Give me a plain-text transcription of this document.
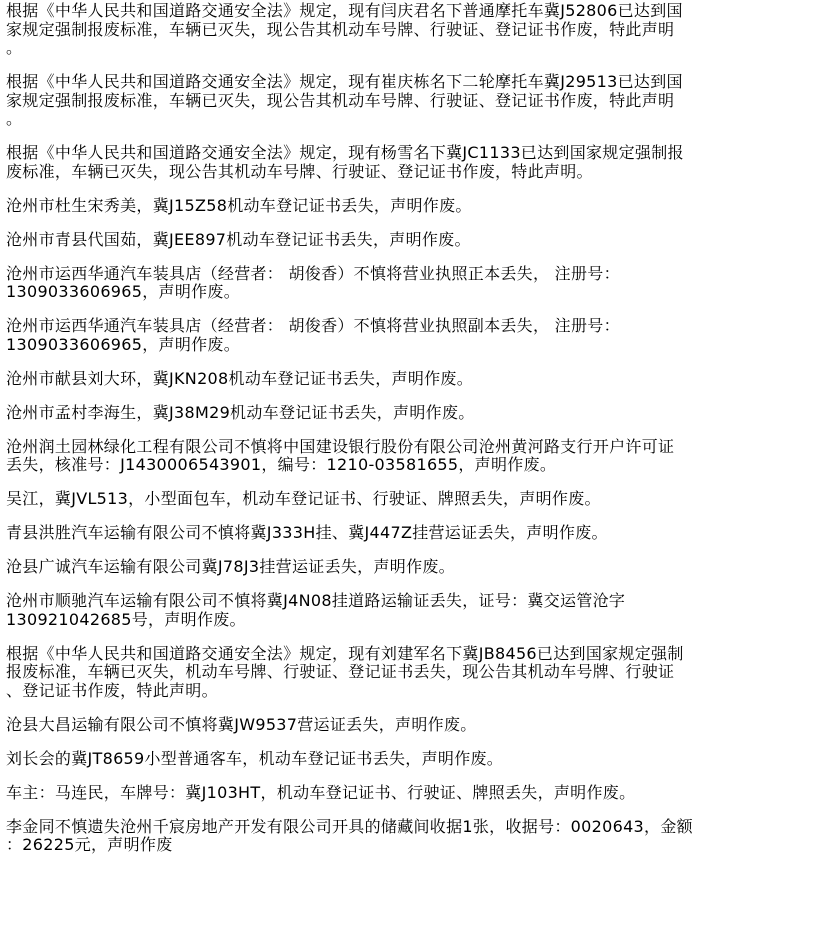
根据《中华人民共和国道路交通安全法》规定，现有闫庆君名下普通摩托车冀J52806已达到国
家规定强制报废标准，车辆已灭失，现公告其机动车号牌、行驶证、登记证书作废，特此声明
。

根据《中华人民共和国道路交通安全法》规定，现有崔庆栋名下二轮摩托车冀J29513已达到国
家规定强制报废标准，车辆已灭失，现公告其机动车号牌、行驶证、登记证书作废，特此声明
。

根据《中华人民共和国道路交通安全法》规定，现有杨雪名下冀JC1133已达到国家规定强制报
废标准，车辆已灭失，现公告其机动车号牌、行驶证、登记证书作废，特此声明。

沧州市杜生宋秀美，冀J15Z58机动车登记证书丢失，声明作废。

沧州市青县代国茹，冀JEE897机动车登记证书丢失，声明作废。

沧州市运西华通汽车装具店（经营者： 胡俊香）不慎将营业执照正本丢失， 注册号：
1309033606965，声明作废。

沧州市运西华通汽车装具店（经营者： 胡俊香）不慎将营业执照副本丢失， 注册号：
1309033606965，声明作废。

沧州市献县刘大环，冀JKN208机动车登记证书丢失，声明作废。

沧州市孟村李海生，冀J38M29机动车登记证书丢失，声明作废。

沧州润土园林绿化工程有限公司不慎将中国建设银行股份有限公司沧州黄河路支行开户许可证
丢失，核准号：J1430006543901，编号：1210-03581655，声明作废。

吴江，冀JVL513，小型面包车，机动车登记证书、行驶证、牌照丢失，声明作废。

青县洪胜汽车运输有限公司不慎将冀J333H挂、冀J447Z挂营运证丢失，声明作废。

沧县广诚汽车运输有限公司冀J78J3挂营运证丢失，声明作废。

沧州市顺驰汽车运输有限公司不慎将冀J4N08挂道路运输证丢失，证号：冀交运管沧字
130921042685号，声明作废。

根据《中华人民共和国道路交通安全法》规定，现有刘建军名下冀JB8456已达到国家规定强制
报废标准，车辆已灭失，机动车号牌、行驶证、登记证书丢失，现公告其机动车号牌、行驶证
、登记证书作废，特此声明。

沧县大昌运输有限公司不慎将冀JW9537营运证丢失，声明作废。

刘长会的冀JT8659小型普通客车，机动车登记证书丢失，声明作废。

车主：马连民，车牌号：冀J103HT，机动车登记证书、行驶证、牌照丢失，声明作废。

李金同不慎遗失沧州千宸房地产开发有限公司开具的储藏间收据1张，收据号：0020643，金额
：26225元，声明作废
